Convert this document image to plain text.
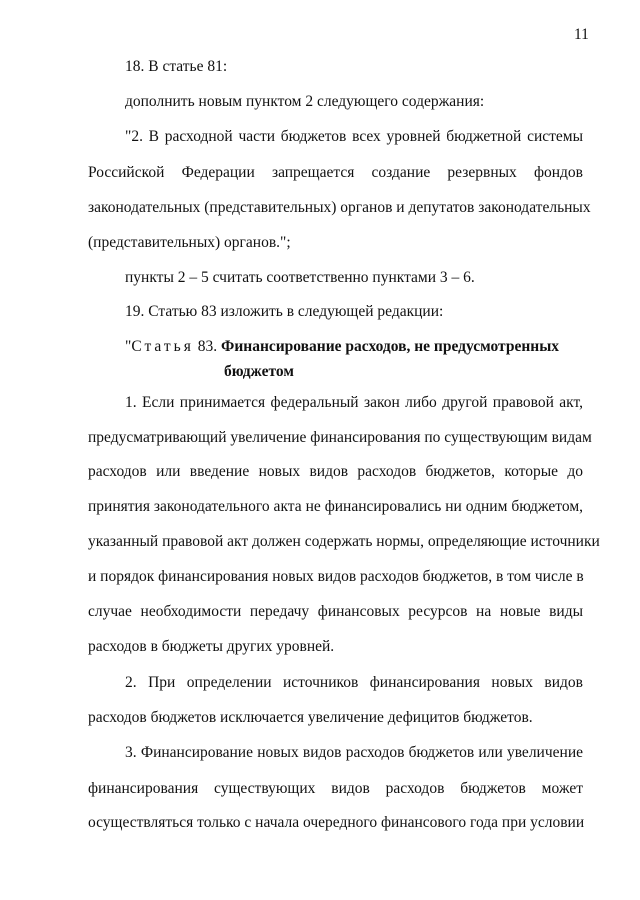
11

18. В статье 81:

дополнить новым пунктом 2 следующего содержания:

"2. В расходной части бюджетов всех уровней бюджетной системы

Российской Федерации запрещается создание резервных фондов

законодательных (представительных) органов и депутатов законодательных

(представительных) органов.";

пункты 2 – 5 считать соответственно пунктами 3 – 6.

19. Статью 83 изложить в следующей редакции:

"Статья 83. Финансирование расходов, не предусмотренных

бюджетом

1. Если принимается федеральный закон либо другой правовой акт,

предусматривающий увеличение финансирования по существующим видам

расходов или введение новых видов расходов бюджетов, которые до

принятия законодательного акта не финансировались ни одним бюджетом,

указанный правовой акт должен содержать нормы, определяющие источники

и порядок финансирования новых видов расходов бюджетов, в том числе в

случае необходимости передачу финансовых ресурсов на новые виды

расходов в бюджеты других уровней.

2. При определении источников финансирования новых видов

расходов бюджетов исключается увеличение дефицитов бюджетов.

3. Финансирование новых видов расходов бюджетов или увеличение

финансирования существующих видов расходов бюджетов может

осуществляться только с начала очередного финансового года при условии
